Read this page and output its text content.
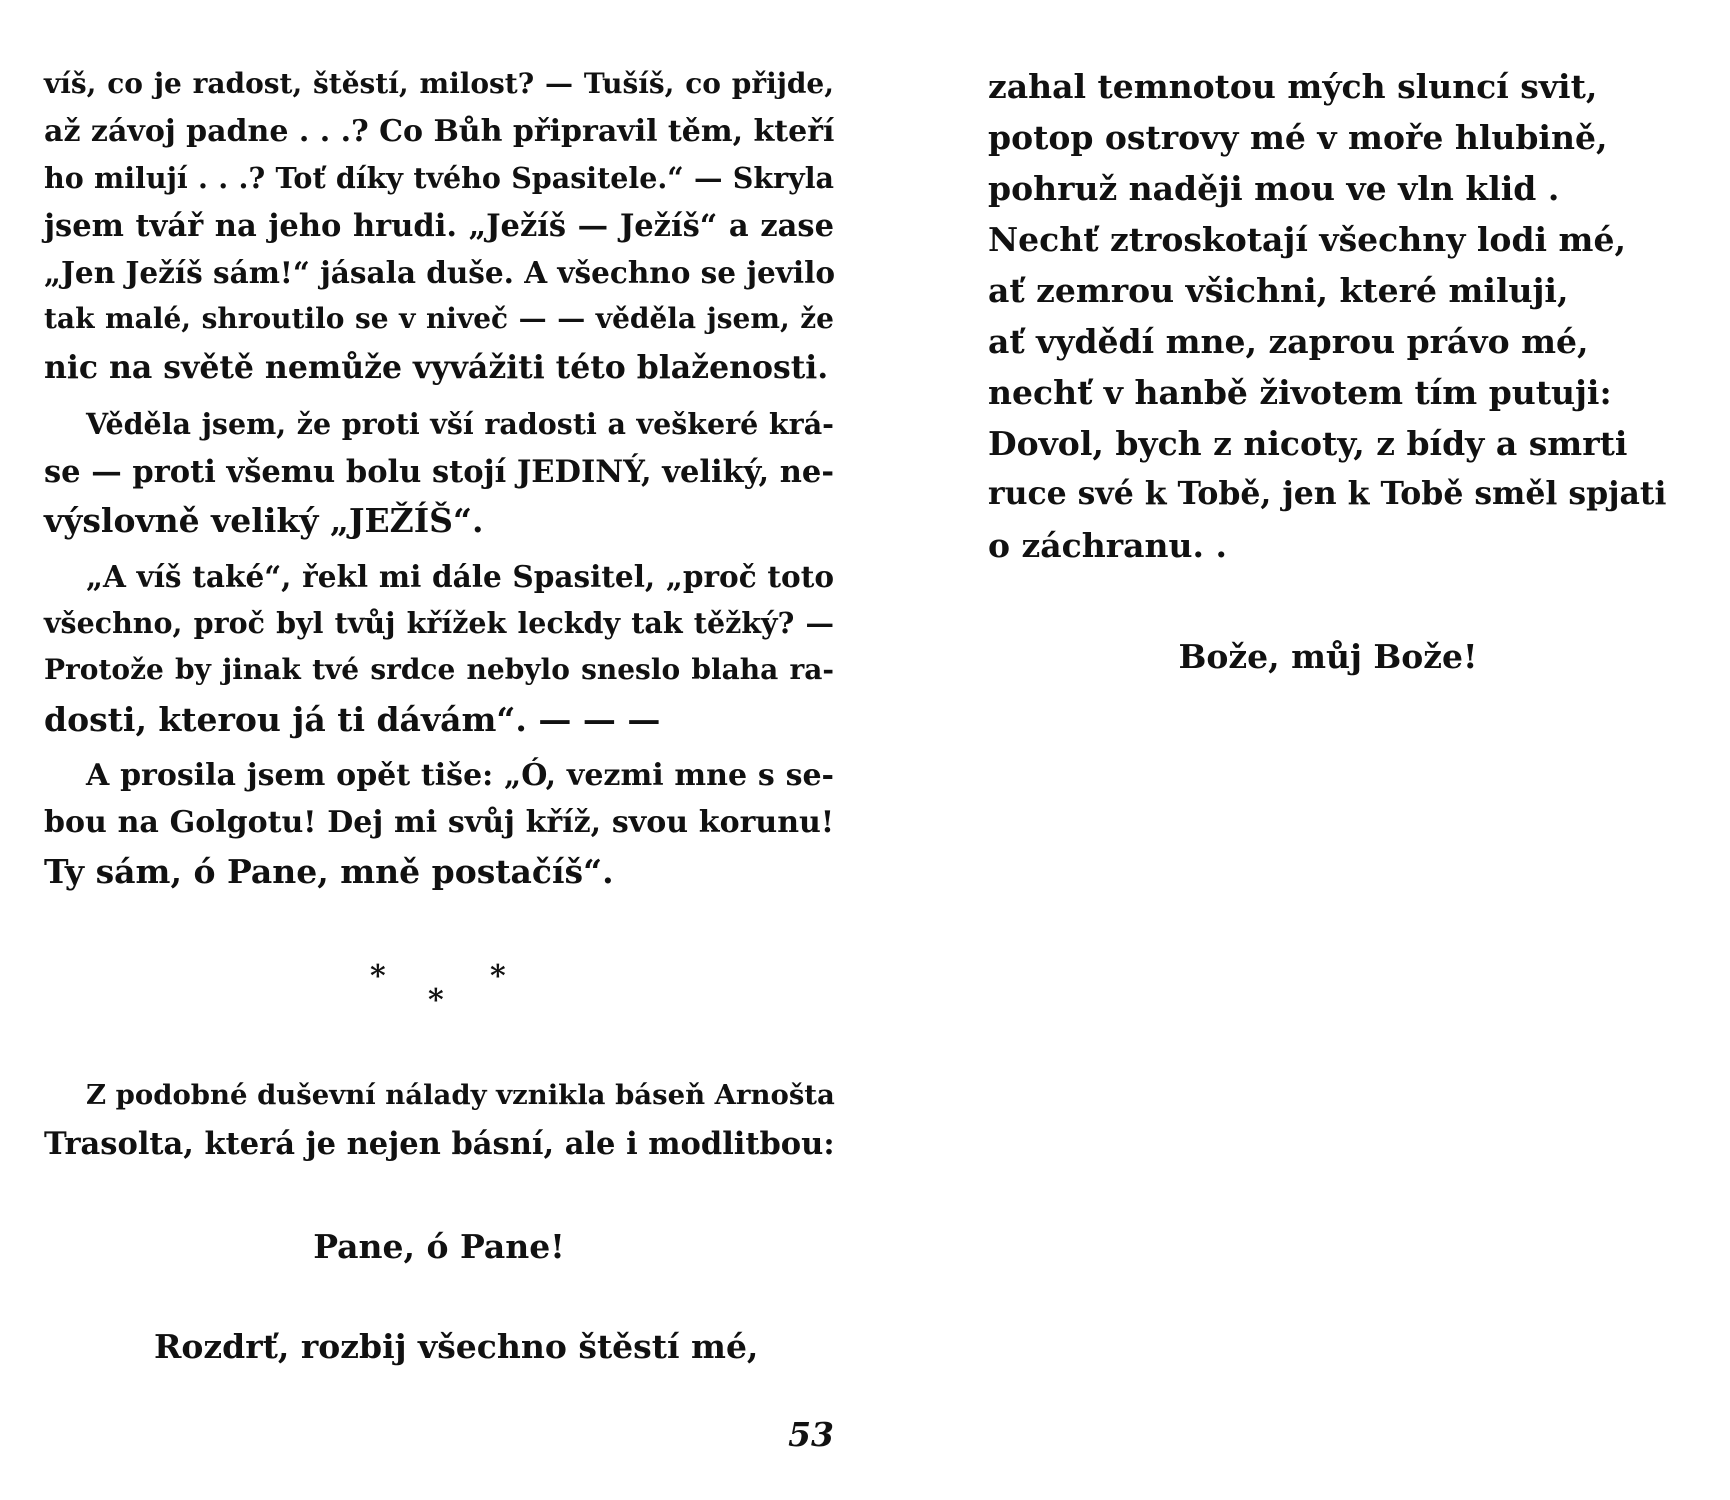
víš, co je radost, štěstí, milost? — Tušíš, co přijde,
až závoj padne . . .? Co Bůh připravil těm, kteří
ho milují . . .? Toť díky tvého Spasitele.“ — Skryla
jsem tvář na jeho hrudi. „Ježíš — Ježíš“ a zase
„Jen Ježíš sám!“ jásala duše. A všechno se jevilo
tak malé, shroutilo se v niveč — — věděla jsem, že
nic na světě nemůže vyvážiti této blaženosti.
Věděla jsem, že proti vší radosti a veškeré krá-
se — proti všemu bolu stojí JEDINÝ, veliký, ne-
výslovně veliký „JEŽÍŠ“.
„A víš také“, řekl mi dále Spasitel, „proč toto
všechno, proč byl tvůj křížek leckdy tak těžký? —
Protože by jinak tvé srdce nebylo sneslo blaha ra-
dosti, kterou já ti dávám“. — — —
A prosila jsem opět tiše: „Ó, vezmi mne s se-
bou na Golgotu! Dej mi svůj kříž, svou korunu!
Ty sám, ó Pane, mně postačíš“.
*
*
*
Z podobné duševní nálady vznikla báseň Arnošta
Trasolta, která je nejen básní, ale i modlitbou:
Pane, ó Pane!
Rozdrť, rozbij všechno štěstí mé,
53
zahal temnotou mých sluncí svit,
potop ostrovy mé v moře hlubině,
pohruž naději mou ve vln klid .
Nechť ztroskotají všechny lodi mé,
ať zemrou všichni, které miluji,
ať vydědí mne, zaprou právo mé,
nechť v hanbě životem tím putuji:
Dovol, bych z nicoty, z bídy a smrti
ruce své k Tobě, jen k Tobě směl spjati
o záchranu. .
Bože, můj Bože!
